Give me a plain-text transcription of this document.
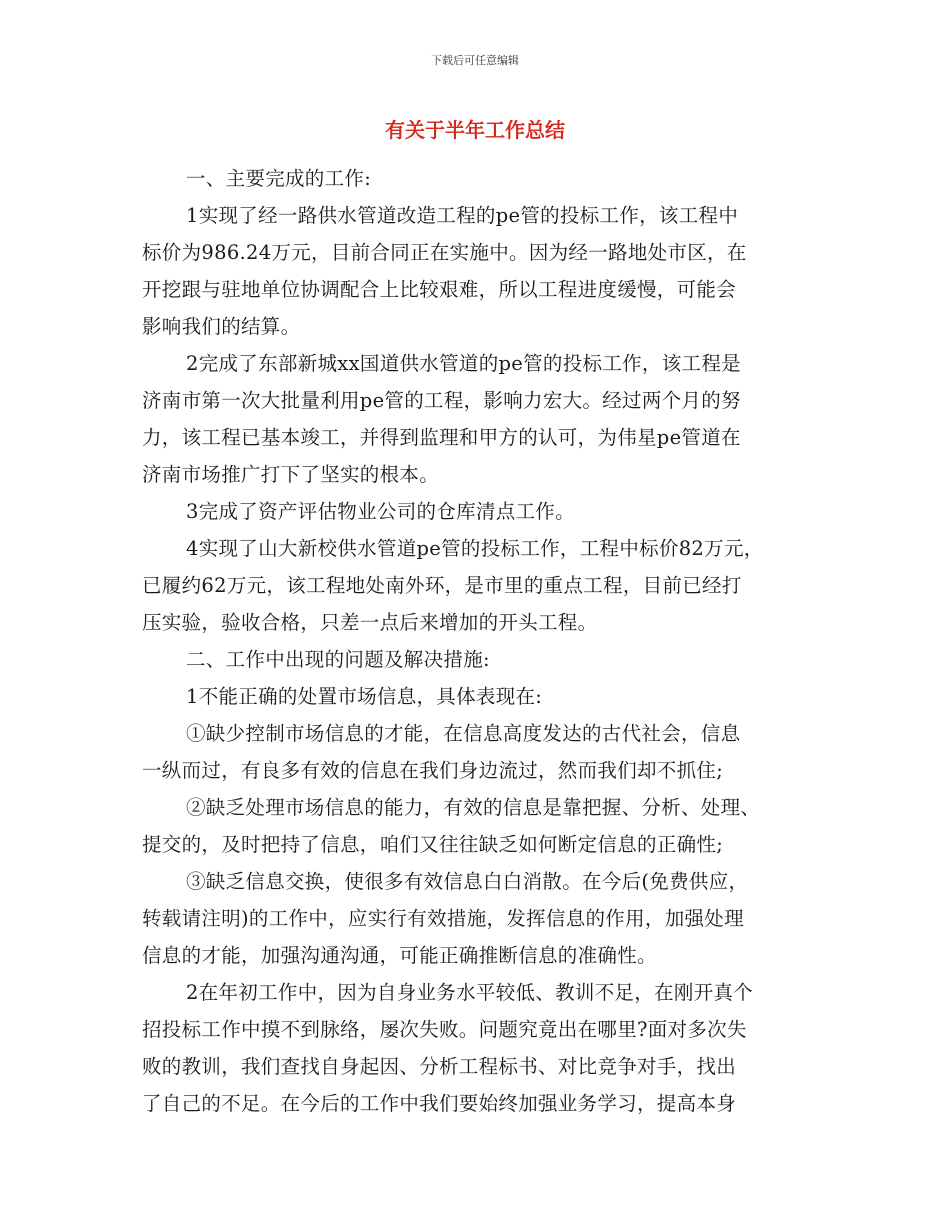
下载后可任意编辑
有关于半年工作总结
一、主要完成的工作:
1实现了经一路供水管道改造工程的pe管的投标工作，该工程中
标价为986.24万元，目前合同正在实施中。因为经一路地处市区，在
开挖跟与驻地单位协调配合上比较艰难，所以工程进度缓慢，可能会
影响我们的结算。
2完成了东部新城xx国道供水管道的pe管的投标工作，该工程是
济南市第一次大批量利用pe管的工程，影响力宏大。经过两个月的努
力，该工程已基本竣工，并得到监理和甲方的认可，为伟星pe管道在
济南市场推广打下了坚实的根本。
3完成了资产评估物业公司的仓库清点工作。
4实现了山大新校供水管道pe管的投标工作，工程中标价82万元，
已履约62万元，该工程地处南外环，是市里的重点工程，目前已经打
压实验，验收合格，只差一点后来增加的开头工程。
二、工作中出现的问题及解决措施:
1不能正确的处置市场信息，具体表现在:
①缺少控制市场信息的才能，在信息高度发达的古代社会，信息
一纵而过，有良多有效的信息在我们身边流过，然而我们却不抓住;
②缺乏处理市场信息的能力，有效的信息是靠把握、分析、处理、
提交的，及时把持了信息，咱们又往往缺乏如何断定信息的正确性;
③缺乏信息交换，使很多有效信息白白消散。在今后(免费供应，
转载请注明)的工作中，应实行有效措施，发挥信息的作用，加强处理
信息的才能，加强沟通沟通，可能正确推断信息的准确性。
2在年初工作中，因为自身业务水平较低、教训不足，在刚开真个
招投标工作中摸不到脉络，屡次失败。问题究竟出在哪里?面对多次失
败的教训，我们查找自身起因、分析工程标书、对比竞争对手，找出
了自己的不足。在今后的工作中我们要始终加强业务学习，提高本身
